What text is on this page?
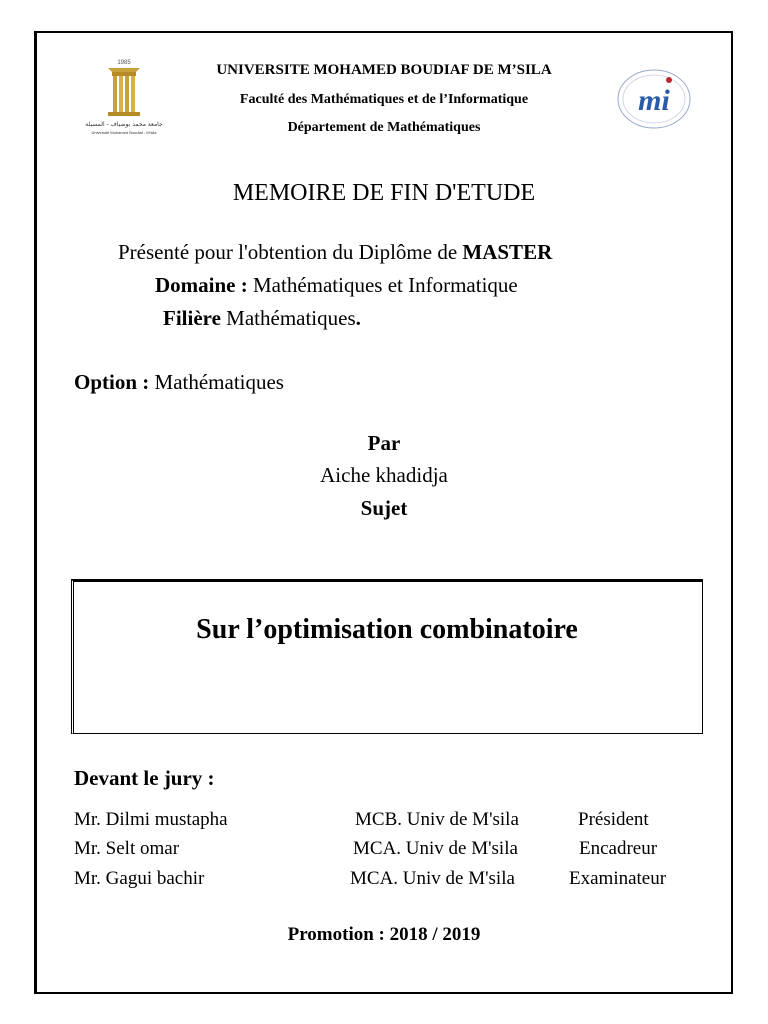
1985
جامعة محمد بوضياف - المسيلة
Université Mohamed Boudiaf - M'sila
mi
UNIVERSITE MOHAMED BOUDIAF DE M’SILA
Faculté des Mathématiques et de l’Informatique
Département de Mathématiques
MEMOIRE DE FIN D'ETUDE
Présenté pour l'obtention du Diplôme de MASTER
Domaine : Mathématiques et Informatique
Filière Mathématiques.
Option : Mathématiques
Par
Aiche khadidja
Sujet
Sur l’optimisation combinatoire
Devant le jury :
Mr. Dilmi mustapha	MCB. Univ de M'sila	Président
Mr. Selt omar	MCA. Univ de M'sila	Encadreur
Mr. Gagui bachir	MCA. Univ de M'sila	Examinateur
Promotion : 2018 / 2019
